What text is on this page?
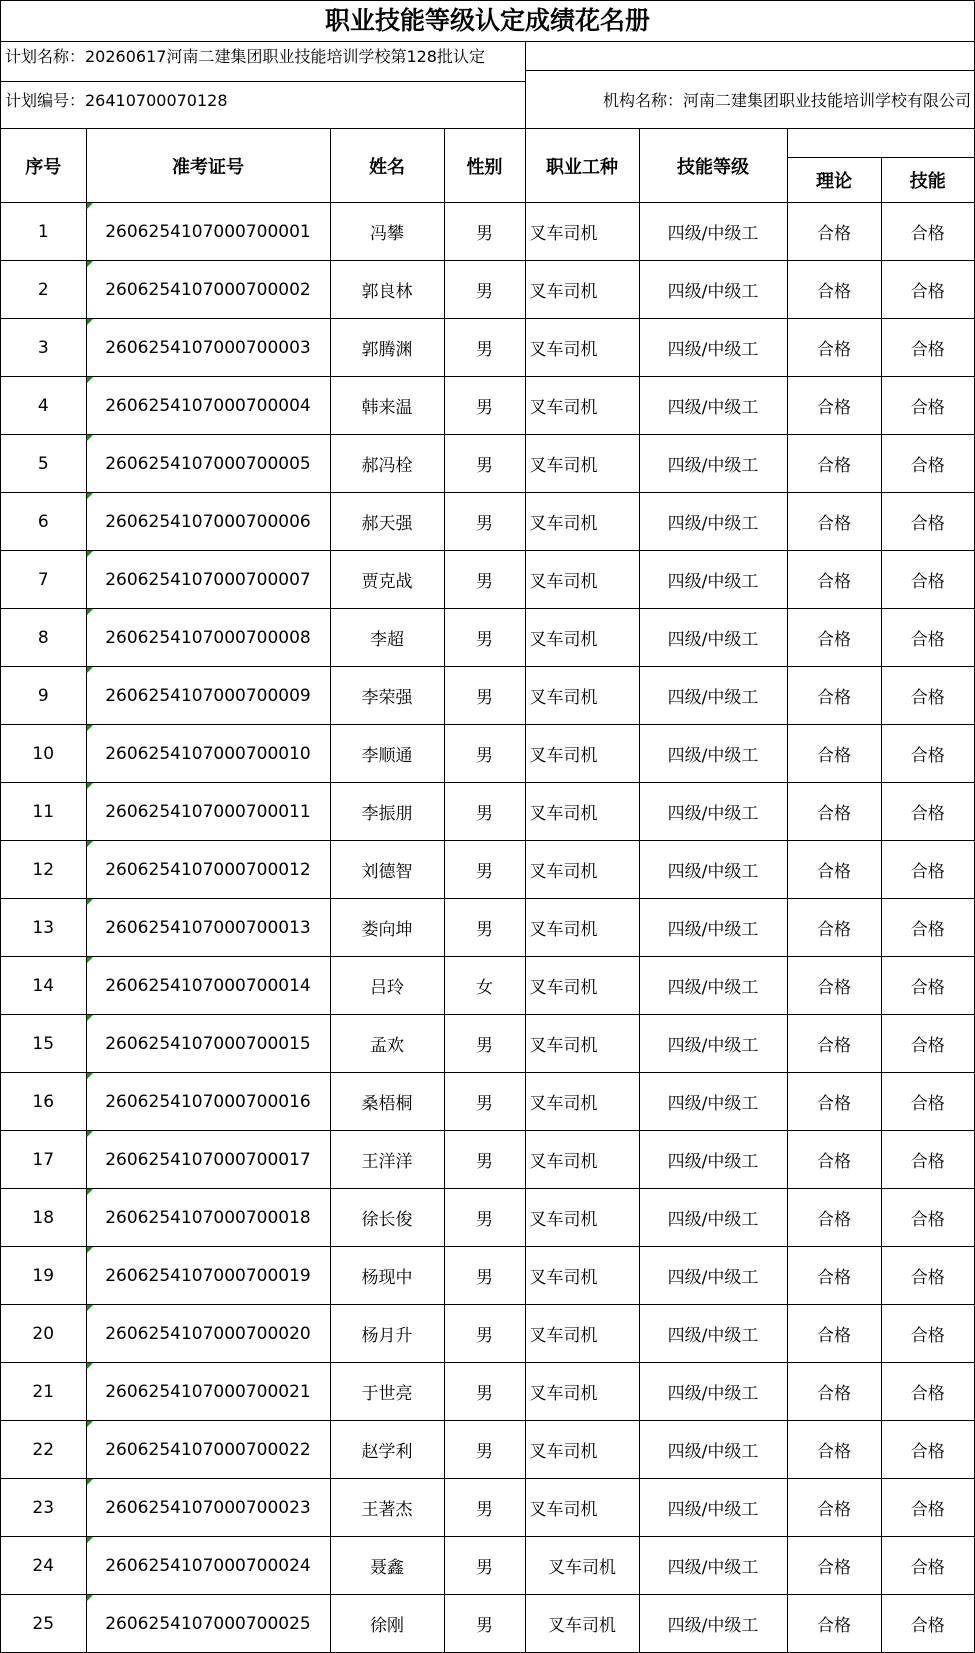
职业技能等级认定成绩花名册
计划名称：20260617河南二建集团职业技能培训学校第128批认定
计划编号：26410700070128	机构名称：河南二建集团职业技能培训学校有限公司
序号	准考证号	姓名	性别	职业工种	技能等级		
						理论	技能
1	2606254107000700001	冯攀	男	叉车司机	四级/中级工	合格	合格
2	2606254107000700002	郭良林	男	叉车司机	四级/中级工	合格	合格
3	2606254107000700003	郭腾渊	男	叉车司机	四级/中级工	合格	合格
4	2606254107000700004	韩来温	男	叉车司机	四级/中级工	合格	合格
5	2606254107000700005	郝冯栓	男	叉车司机	四级/中级工	合格	合格
6	2606254107000700006	郝天强	男	叉车司机	四级/中级工	合格	合格
7	2606254107000700007	贾克战	男	叉车司机	四级/中级工	合格	合格
8	2606254107000700008	李超	男	叉车司机	四级/中级工	合格	合格
9	2606254107000700009	李荣强	男	叉车司机	四级/中级工	合格	合格
10	2606254107000700010	李顺通	男	叉车司机	四级/中级工	合格	合格
11	2606254107000700011	李振朋	男	叉车司机	四级/中级工	合格	合格
12	2606254107000700012	刘德智	男	叉车司机	四级/中级工	合格	合格
13	2606254107000700013	娄向坤	男	叉车司机	四级/中级工	合格	合格
14	2606254107000700014	吕玲	女	叉车司机	四级/中级工	合格	合格
15	2606254107000700015	孟欢	男	叉车司机	四级/中级工	合格	合格
16	2606254107000700016	桑梧桐	男	叉车司机	四级/中级工	合格	合格
17	2606254107000700017	王洋洋	男	叉车司机	四级/中级工	合格	合格
18	2606254107000700018	徐长俊	男	叉车司机	四级/中级工	合格	合格
19	2606254107000700019	杨现中	男	叉车司机	四级/中级工	合格	合格
20	2606254107000700020	杨月升	男	叉车司机	四级/中级工	合格	合格
21	2606254107000700021	于世亮	男	叉车司机	四级/中级工	合格	合格
22	2606254107000700022	赵学利	男	叉车司机	四级/中级工	合格	合格
23	2606254107000700023	王著杰	男	叉车司机	四级/中级工	合格	合格
24	2606254107000700024	聂鑫	男	叉车司机	四级/中级工	合格	合格
25	2606254107000700025	徐刚	男	叉车司机	四级/中级工	合格	合格
